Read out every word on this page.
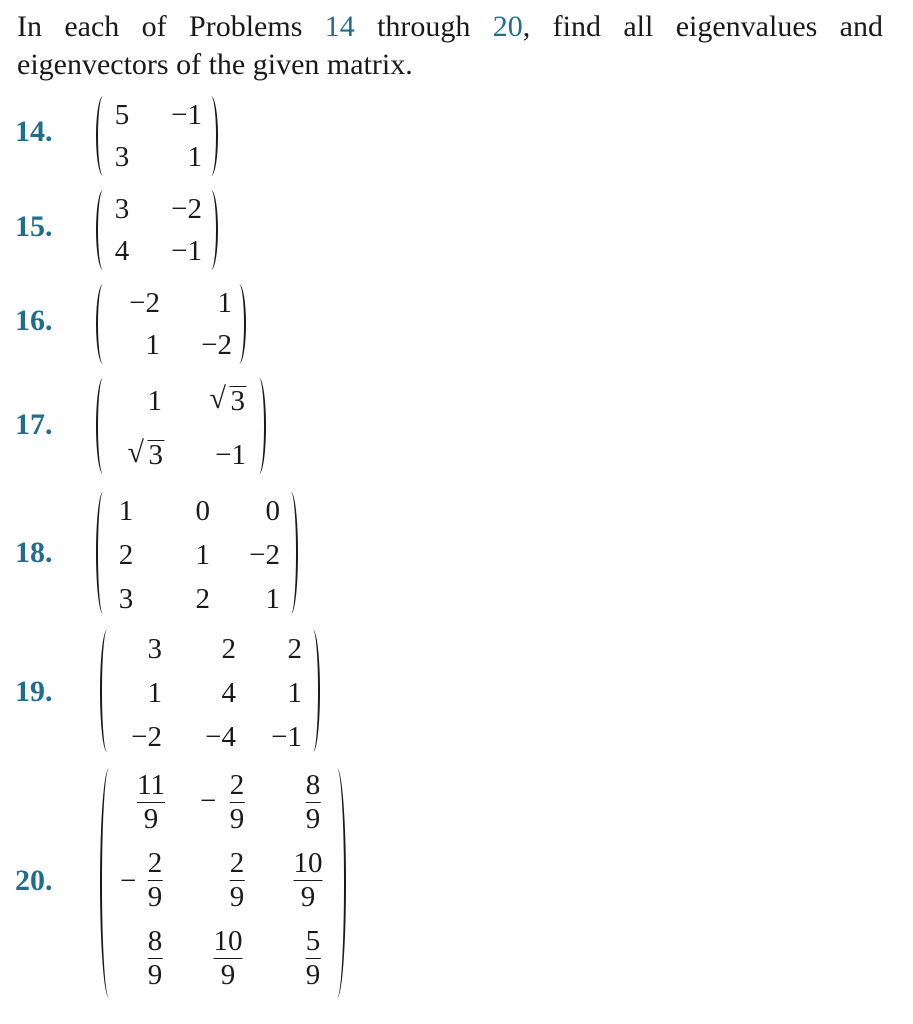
In each of Problems 14 through 20, find all eigenvalues and eigenvectors of the given matrix.
14. 5 −1
3 1
15.
3 −2
4 −1
16.
−2 1
1 −2
17.
1 √ 3
√ 3 −1
18.
1 0 0
2 1 −2
3 2 1
19.
3 2 2
1 4 1
−2 −4 −1
20.
11
9
− 2
9
8
9
−
2
9
2
9
10
9
8
9
10
9
5
9
